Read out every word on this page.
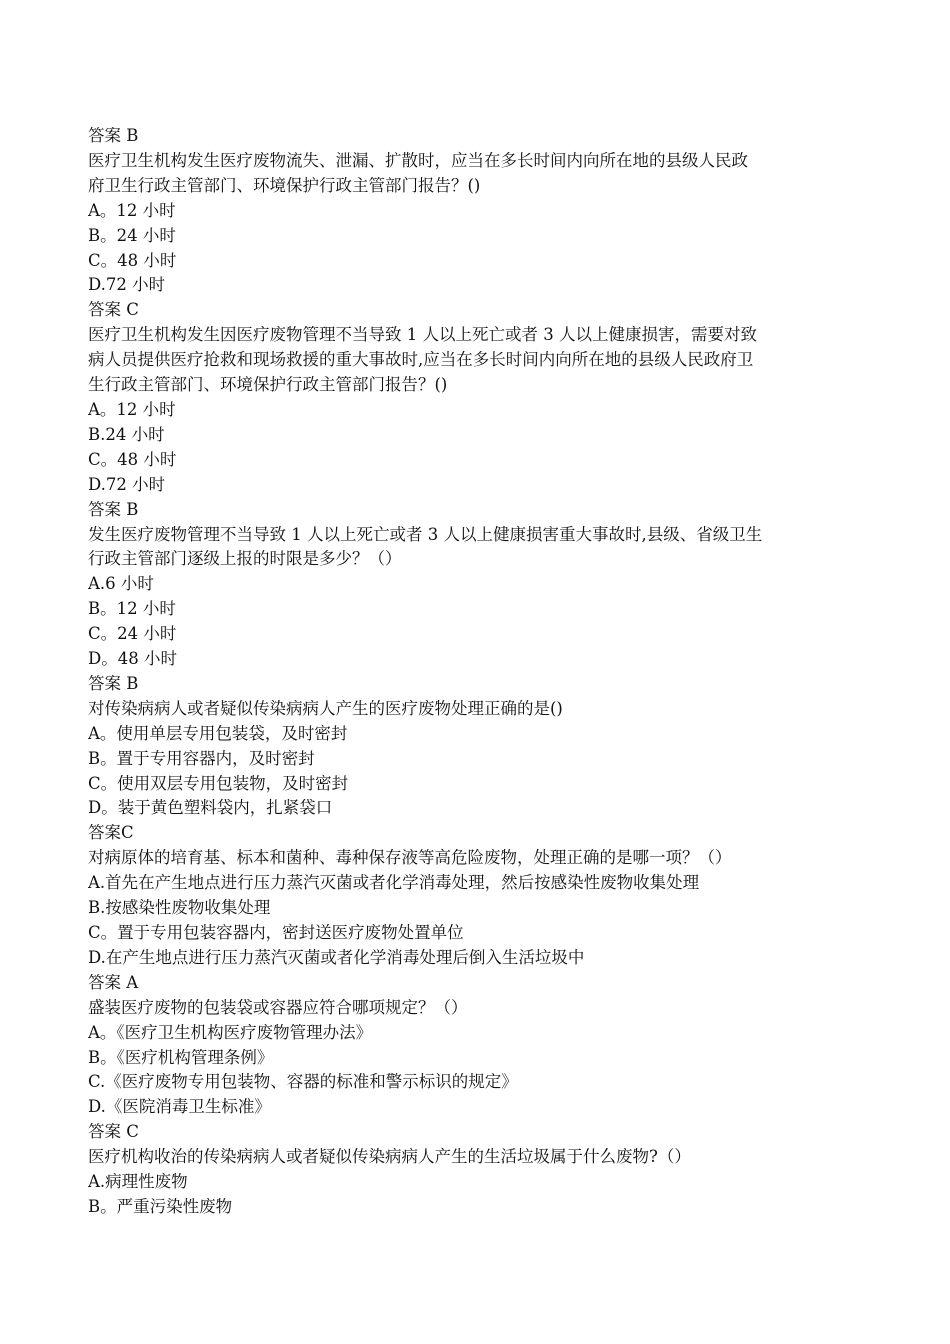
答案 B
医疗卫生机构发生医疗废物流失、泄漏、扩散时，应当在多长时间内向所在地的县级人民政
府卫生行政主管部门、环境保护行政主管部门报告？()
A。12 小时
B。24 小时
C。48 小时
D.72 小时
答案 C
医疗卫生机构发生因医疗废物管理不当导致 1 人以上死亡或者 3 人以上健康损害，需要对致
病人员提供医疗抢救和现场救援的重大事故时,应当在多长时间内向所在地的县级人民政府卫
生行政主管部门、环境保护行政主管部门报告？()
A。12 小时
B.24 小时
C。48 小时
D.72 小时
答案 B
发生医疗废物管理不当导致 1 人以上死亡或者 3 人以上健康损害重大事故时,县级、省级卫生
行政主管部门逐级上报的时限是多少？（）
A.6 小时
B。12 小时
C。24 小时
D。48 小时
答案 B
对传染病病人或者疑似传染病病人产生的医疗废物处理正确的是()
A。使用单层专用包装袋，及时密封
B。置于专用容器内，及时密封
C。使用双层专用包装物，及时密封
D。装于黄色塑料袋内，扎紧袋口
答案C
对病原体的培育基、标本和菌种、毒种保存液等高危险废物，处理正确的是哪一项？（）
A.首先在产生地点进行压力蒸汽灭菌或者化学消毒处理，然后按感染性废物收集处理
B.按感染性废物收集处理
C。置于专用包装容器内，密封送医疗废物处置单位
D.在产生地点进行压力蒸汽灭菌或者化学消毒处理后倒入生活垃圾中
答案 A
盛装医疗废物的包装袋或容器应符合哪项规定？（）
A。《医疗卫生机构医疗废物管理办法》
B。《医疗机构管理条例》
C.《医疗废物专用包装物、容器的标准和警示标识的规定》
D.《医院消毒卫生标准》
答案 C
医疗机构收治的传染病病人或者疑似传染病病人产生的生活垃圾属于什么废物?（）
A.病理性废物
B。严重污染性废物
